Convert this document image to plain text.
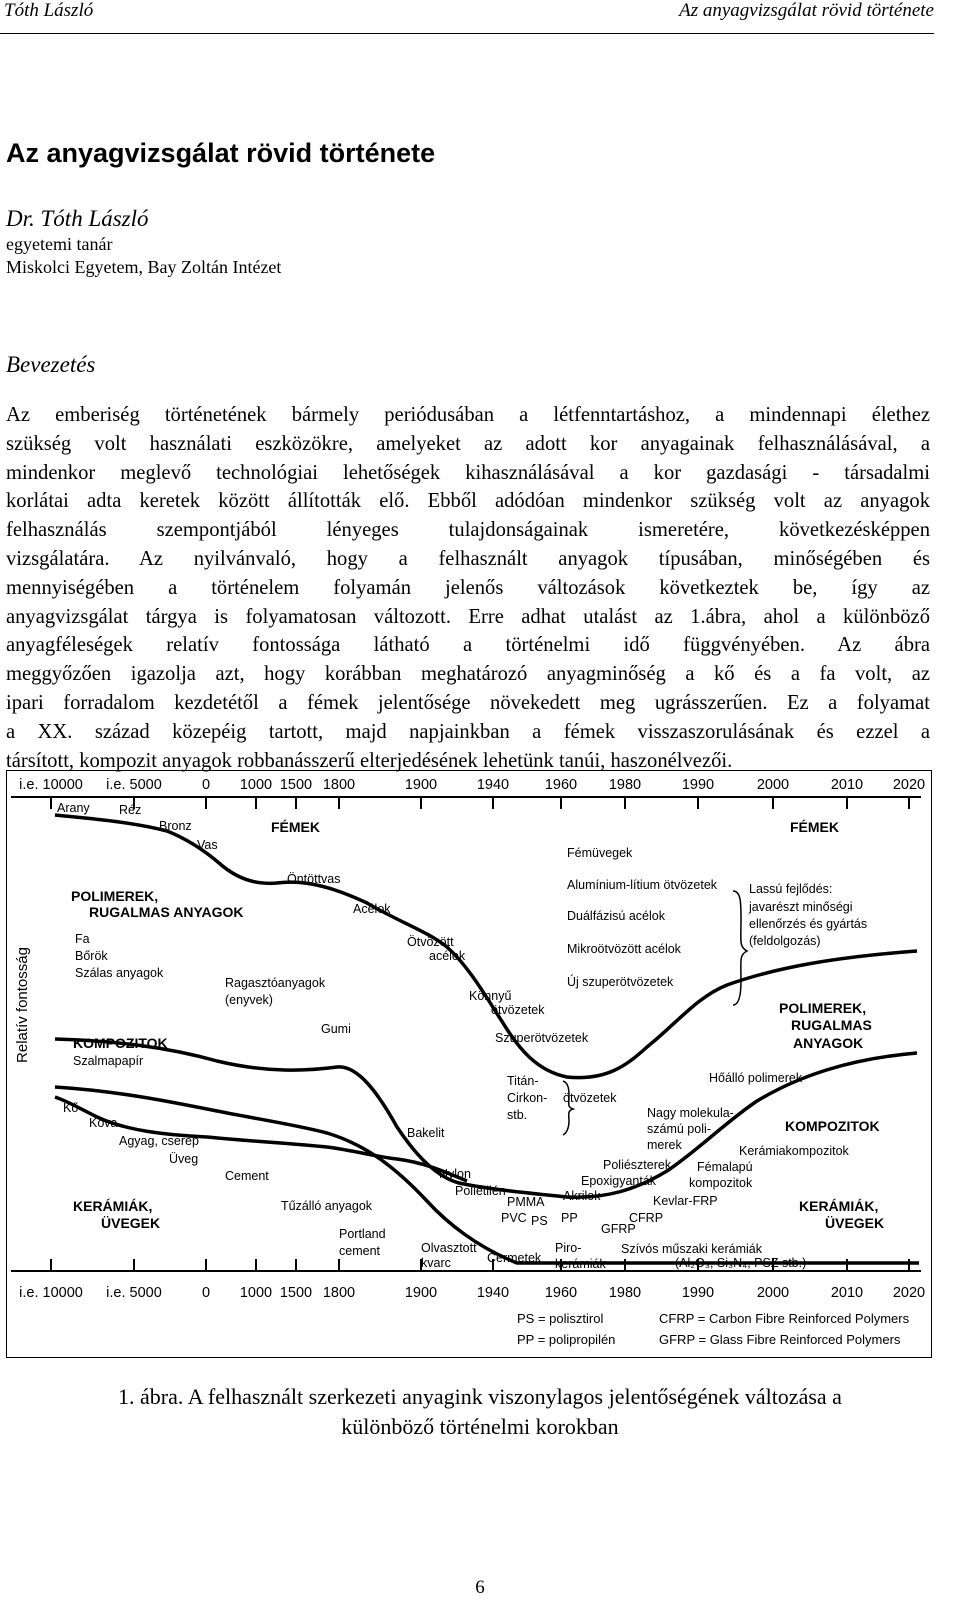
Tóth László	Az anyagvizsgálat rövid története
Az anyagvizsgálat rövid története
Dr. Tóth László
egyetemi tanár
Miskolci Egyetem, Bay Zoltán Intézet
Bevezetés
Az emberiség történetének bármely periódusában a létfenntartáshoz, a mindennapi élethez
szükség volt használati eszközökre, amelyeket az adott kor anyagainak felhasználásával, a
mindenkor meglevő technológiai lehetőségek kihasználásával a kor gazdasági - társadalmi
korlátai adta keretek között állították elő. Ebből adódóan mindenkor szükség volt az anyagok
felhasználás szempontjából lényeges tulajdonságainak ismeretére, következésképpen
vizsgálatára. Az nyilvánvaló, hogy a felhasznált anyagok típusában, minőségében és
mennyiségében a történelem folyamán jelenős változások következtek be, így az
anyagvizsgálat tárgya is folyamatosan változott. Erre adhat utalást az 1.ábra, ahol a különböző
anyagféleségek relatív fontossága látható a történelmi idő függvényében. Az ábra
meggyőzően igazolja azt, hogy korábban meghatározó anyagminőség a kő és a fa volt, az
ipari forradalom kezdetétől a fémek jelentősége növekedett meg ugrásszerűen. Ez a folyamat
a XX. század közepéig tartott, majd napjainkban a fémek visszaszorulásának és ezzel a
társított, kompozit anyagok robbanásszerű elterjedésének lehetünk tanúi, haszonélvezői.
i.e. 10000 i.e. 5000	0 1000 1500 1800	1900	1940 1960 1980	1990	2000	2010 2020
i.e. 10000 i.e. 5000	0 1000 1500 1800	1900	1940 1960 1980	1990	2000	2010 2020
Relatív fontosság
FÉMEK	FÉMEK
POLIMEREK,
RUGALMAS ANYAGOK
POLIMEREK,
RUGALMAS
ANYAGOK
KOMPOZITOK
KOMPOZITOK
KERÁMIÁK,
ÜVEGEK
KERÁMIÁK,
ÜVEGEK
Arany Réz
Bronz
Vas
Öntöttvas
Acélok
Ötvözött
acélok
Könnyű
ötvözetek
Szuperötvözetek
Titán-
Cirkon-
stb.
ötvözetek
Fémüvegek
Alumínium-lítium ötvözetek
Duálfázisú acélok
Mikroötvözött acélok
Új szuperötvözetek
Lassú fejlődés:
javarészt minőségi
ellenőrzés és gyártás
(feldolgozás)
Fa
Bőrök
Szálas anyagok
Ragasztóanyagok
(enyvek)
Gumi
Szalmapapír
Kő
Kova
Agyag, cserép
Üveg
Cement
Tűzálló anyagok
Portland
cement	Olvasztott
kvarc	Cermetek
Piro-
kerámiák
Szívós műszaki kerámiák
(Al₂O₃, Si₃N₄, PSZ stb.)
Bakelit
Nylon
Polietilén
PMMA
PVC PS PP
Poliészterek
Epoxigyanták
Akrilok
GFRP
CFRP
Kevlar-FRP
Fémalapú
kompozitok
Kerámiakompozitok
Nagy molekula-
számú poli-
merek
Hőálló polimerek
PS = polisztirol
PP = polipropilén
CFRP = Carbon Fibre Reinforced Polymers
GFRP = Glass Fibre Reinforced Polymers
1. ábra. A felhasznált szerkezeti anyagink viszonylagos jelentőségének változása a
különböző történelmi korokban
6
